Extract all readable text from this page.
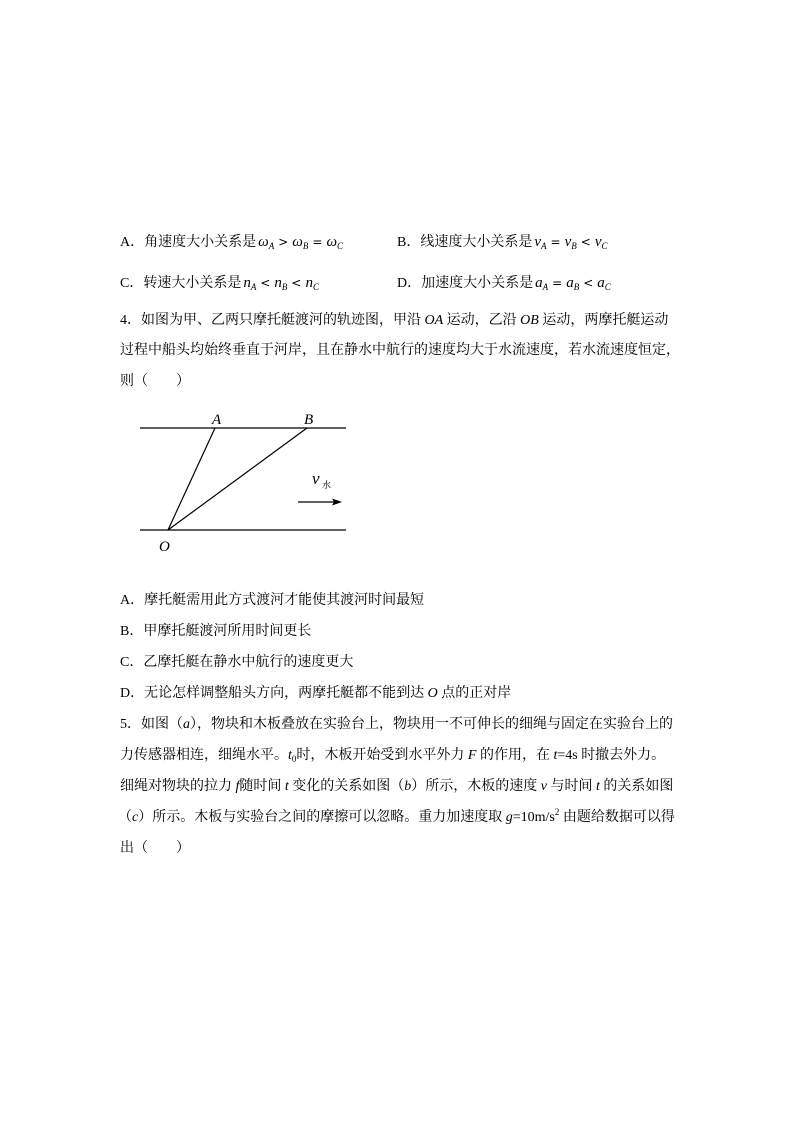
A．角速度大小关系是 $\omega_A > \omega_B = \omega_C$	B．线速度大小关系是 $v_A = v_B < v_C$
C．转速大小关系是 $n_A < n_B < n_C$	D．加速度大小关系是 $a_A = a_B < a_C$
4．如图为甲、乙两只摩托艇渡河的轨迹图，甲沿 OA 运动，乙沿 OB 运动，两摩托艇运动
过程中船头均始终垂直于河岸，且在静水中航行的速度均大于水流速度，若水流速度恒定，
则（　　）
A	B
O
v 水
A．摩托艇需用此方式渡河才能使其渡河时间最短
B．甲摩托艇渡河所用时间更长
C．乙摩托艇在静水中航行的速度更大
D．无论怎样调整船头方向，两摩托艇都不能到达 O 点的正对岸
5．如图（a），物块和木板叠放在实验台上，物块用一不可伸长的细绳与固定在实验台上的
力传感器相连，细绳水平。$t_0$时，木板开始受到水平外力 F 的作用，在 t=4s 时撤去外力。
细绳对物块的拉力 f随时间 t 变化的关系如图（b）所示，木板的速度 v 与时间 t 的关系如图
（c）所示。木板与实验台之间的摩擦可以忽略。重力加速度取 $g=10m/s^2$ 由题给数据可以得
出（　　）
